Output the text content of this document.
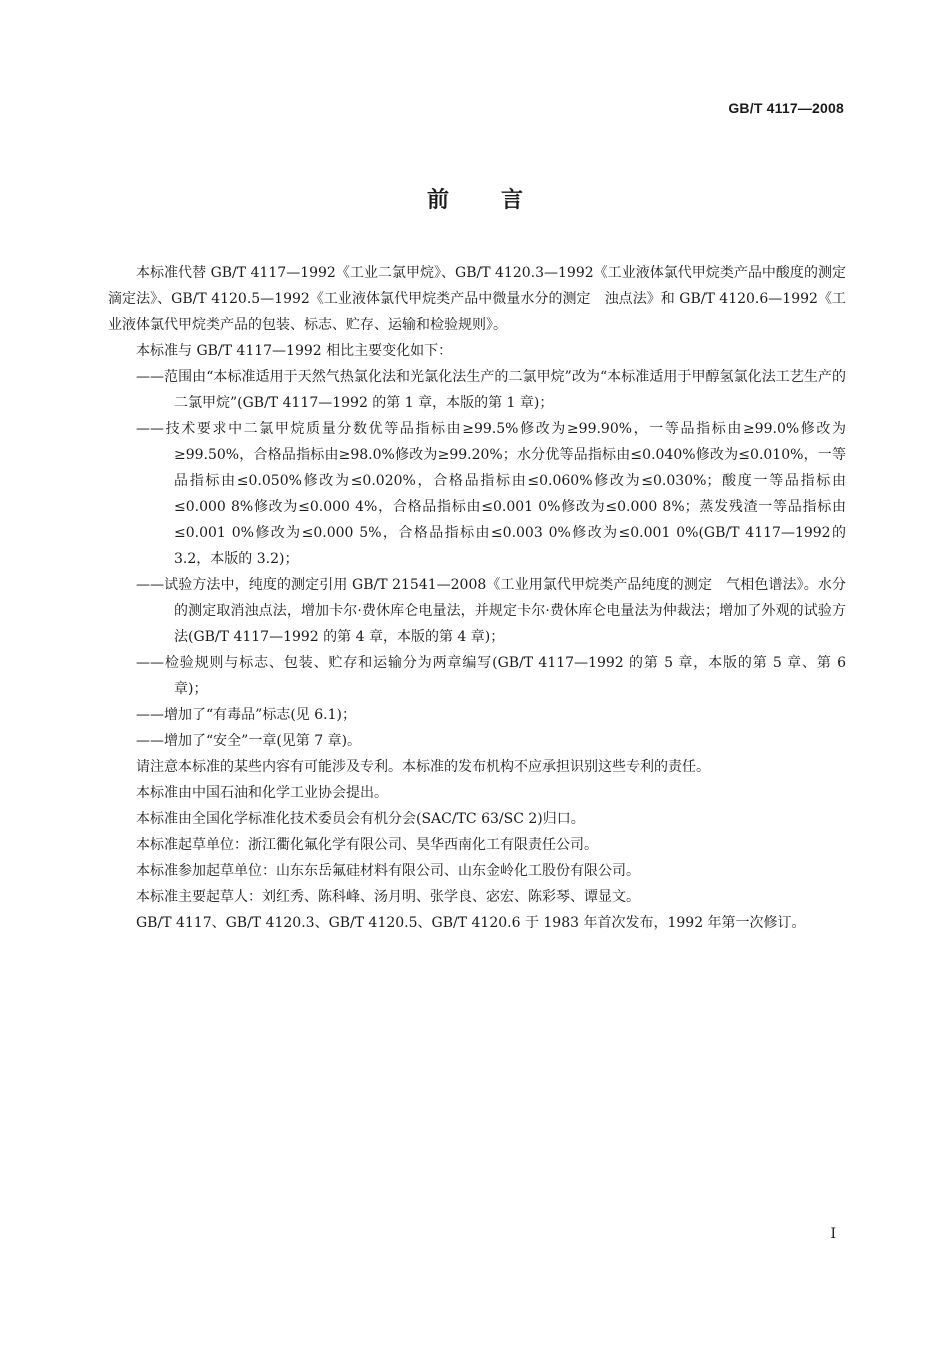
GB/T 4117—2008
前言

本标准代替 GB/T 4117—1992《工业二氯甲烷》、GB/T 4120.3—1992《工业液体氯代甲烷类产品中酸度的测定　滴定法》、GB/T 4120.5—1992《工业液体氯代甲烷类产品中微量水分的测定　浊点法》和 GB/T 4120.6—1992《工业液体氯代甲烷类产品的包装、标志、贮存、运输和检验规则》。

本标准与 GB/T 4117—1992 相比主要变化如下：

——范围由“本标准适用于天然气热氯化法和光氯化法生产的二氯甲烷”改为“本标准适用于甲醇氢氯化法工艺生产的二氯甲烷”(GB/T 4117—1992 的第 1 章，本版的第 1 章)；

——技术要求中二氯甲烷质量分数优等品指标由≥99.5%修改为≥99.90%，一等品指标由≥99.0%修改为≥99.50%，合格品指标由≥98.0%修改为≥99.20%；水分优等品指标由≤0.040%修改为≤0.010%，一等品指标由≤0.050%修改为≤0.020%，合格品指标由≤0.060%修改为≤0.030%；酸度一等品指标由≤0.000 8%修改为≤0.000 4%，合格品指标由≤0.001 0%修改为≤0.000 8%；蒸发残渣一等品指标由≤0.001 0%修改为≤0.000 5%，合格品指标由≤0.003 0%修改为≤0.001 0%(GB/T 4117—1992的 3.2，本版的 3.2)；

——试验方法中，纯度的测定引用 GB/T 21541—2008《工业用氯代甲烷类产品纯度的测定　气相色谱法》。水分的测定取消浊点法，增加卡尔·费休库仑电量法，并规定卡尔·费休库仑电量法为仲裁法；增加了外观的试验方法(GB/T 4117—1992 的第 4 章，本版的第 4 章)；

——检验规则与标志、包装、贮存和运输分为两章编写(GB/T 4117—1992 的第 5 章，本版的第 5 章、第 6 章)；

——增加了“有毒品”标志(见 6.1)；

——增加了“安全”一章(见第 7 章)。

请注意本标准的某些内容有可能涉及专利。本标准的发布机构不应承担识别这些专利的责任。

本标准由中国石油和化学工业协会提出。

本标准由全国化学标准化技术委员会有机分会(SAC/TC 63/SC 2)归口。

本标准起草单位：浙江衢化氟化学有限公司、昊华西南化工有限责任公司。

本标准参加起草单位：山东东岳氟硅材料有限公司、山东金岭化工股份有限公司。

本标准主要起草人：刘红秀、陈科峰、汤月明、张学良、宓宏、陈彩琴、谭显文。

GB/T 4117、GB/T 4120.3、GB/T 4120.5、GB/T 4120.6 于 1983 年首次发布，1992 年第一次修订。

Ⅰ
